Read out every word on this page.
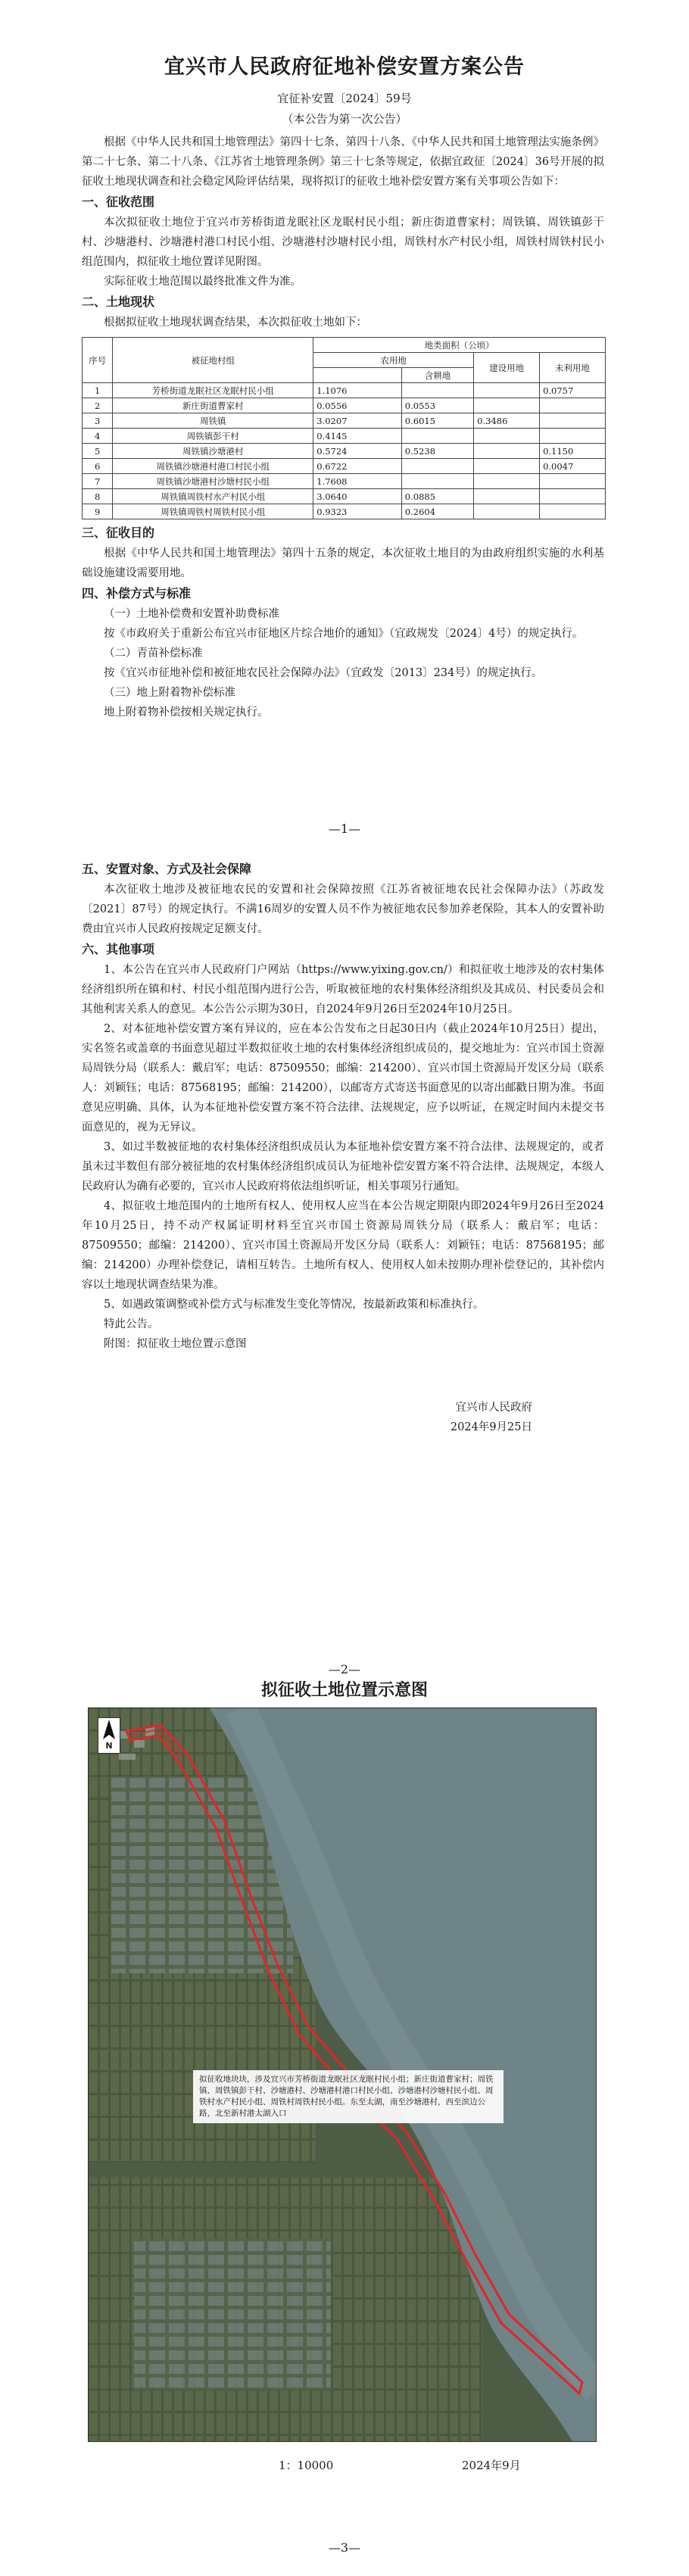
宜兴市人民政府征地补偿安置方案公告
宜征补安置〔2024〕59号
（本公告为第一次公告）

根据《中华人民共和国土地管理法》第四十七条、第四十八条、《中华人民共和国土地管理法实施条例》第二十七条、第二十八条、《江苏省土地管理条例》第三十七条等规定，依据宜政征〔2024〕36号开展的拟征收土地现状调查和社会稳定风险评估结果，现将拟订的征收土地补偿安置方案有关事项公告如下：

一、征收范围

本次拟征收土地位于宜兴市芳桥街道龙眠社区龙眠村民小组；新庄街道曹家村；周铁镇、周铁镇彭干村、沙塘港村、沙塘港村港口村民小组、沙塘港村沙塘村民小组，周铁村水产村民小组，周铁村周铁村民小组范围内，拟征收土地位置详见附图。

实际征收土地范围以最终批准文件为准。

二、土地现状

根据拟征收土地现状调查结果，本次拟征收土地如下：

序号	被征地村组	地类面积（公顷）			
		农用地		建设用地	未利用地
			含耕地		
1	芳桥街道龙眠社区龙眠村民小组	1.1076			0.0757
2	新庄街道曹家村	0.0556	0.0553		
3	周铁镇	3.0207	0.6015	0.3486	
4	周铁镇彭干村	0.4145			
5	周铁镇沙塘港村	0.5724	0.5238		0.1150
6	周铁镇沙塘港村港口村民小组	0.6722			0.0047
7	周铁镇沙塘港村沙塘村民小组	1.7608			
8	周铁镇周铁村水产村民小组	3.0640	0.0885		
9	周铁镇周铁村周铁村民小组	0.9323	0.2604		
三、征收目的

根据《中华人民共和国土地管理法》第四十五条的规定，本次征收土地目的为由政府组织实施的水利基础设施建设需要用地。

四、补偿方式与标准
（一）土地补偿费和安置补助费标准

按《市政府关于重新公布宜兴市征地区片综合地价的通知》（宜政规发〔2024〕4号）的规定执行。

（二）青苗补偿标准

按《宜兴市征地补偿和被征地农民社会保障办法》（宜政发〔2013〕234号）的规定执行。

（三）地上附着物补偿标准

地上附着物补偿按相关规定执行。

—1—
五、安置对象、方式及社会保障

本次征收土地涉及被征地农民的安置和社会保障按照《江苏省被征地农民社会保障办法》（苏政发〔2021〕87号）的规定执行。不满16周岁的安置人员不作为被征地农民参加养老保险，其本人的安置补助费由宜兴市人民政府按规定足额支付。

六、其他事项

1、本公告在宜兴市人民政府门户网站（https://www.yixing.gov.cn/）和拟征收土地涉及的农村集体经济组织所在镇和村、村民小组范围内进行公告，听取被征地的农村集体经济组织及其成员、村民委员会和其他利害关系人的意见。本公告公示期为30日，自2024年9月26日至2024年10月25日。

2、对本征地补偿安置方案有异议的，应在本公告发布之日起30日内（截止2024年10月25日）提出，实名签名或盖章的书面意见超过半数拟征收土地的农村集体经济组织成员的，提交地址为：宜兴市国土资源局周铁分局（联系人：戴启军；电话：87509550；邮编：214200）、宜兴市国土资源局开发区分局（联系人：刘颖钰；电话：87568195；邮编：214200），以邮寄方式寄送书面意见的以寄出邮戳日期为准。书面意见应明确、具体，认为本征地补偿安置方案不符合法律、法规规定，应予以听证，在规定时间内未提交书面意见的，视为无异议。

3、如过半数被征地的农村集体经济组织成员认为本征地补偿安置方案不符合法律、法规规定的，或者虽未过半数但有部分被征地的农村集体经济组织成员认为征地补偿安置方案不符合法律、法规规定，本级人民政府认为确有必要的，宜兴市人民政府将依法组织听证，相关事项另行通知。

4、拟征收土地范围内的土地所有权人、使用权人应当在本公告规定期限内即2024年9月26日至2024年10月25日，持不动产权属证明材料至宜兴市国土资源局周铁分局（联系人：戴启军；电话：87509550；邮编：214200）、宜兴市国土资源局开发区分局（联系人：刘颖钰；电话：87568195；邮编：214200）办理补偿登记，请相互转告。土地所有权人、使用权人如未按期办理补偿登记的，其补偿内容以土地现状调查结果为准。

5、如遇政策调整或补偿方式与标准发生变化等情况，按最新政策和标准执行。

特此公告。

附图：拟征收土地位置示意图

宜兴市人民政府
2024年9月25日
—2—
拟征收土地位置示意图
N
拟征收地块块，涉及宜兴市芳桥街道龙眠社区龙眠村民小组；新庄街道曹家村；周铁镇、周铁镇彭干村、沙塘港村、沙塘港村港口村民小组、沙塘港村沙塘村民小组、周铁村水产村民小组、周铁村周铁村民小组。东至太湖，南至沙塘港村，西至滨边公路，北至新村港太湖入口
1：10000	2024年9月
—3—
